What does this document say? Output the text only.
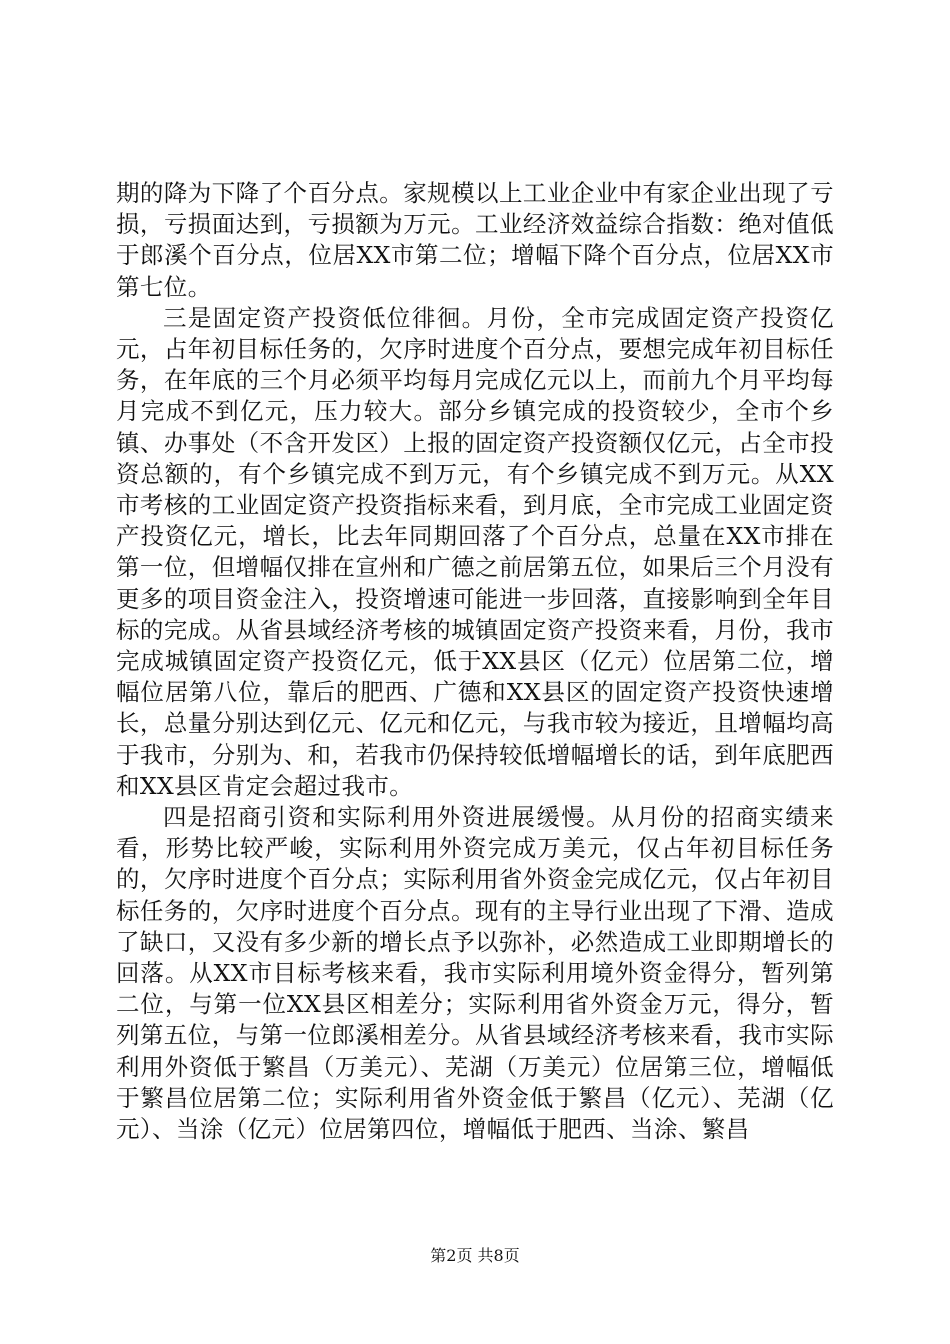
期的降为下降了个百分点。家规模以上工业企业中有家企业出现了亏损，亏损面达到，亏损额为万元。工业经济效益综合指数：绝对值低于郎溪个百分点，位居XX市第二位；增幅下降个百分点，位居XX市第七位。

三是固定资产投资低位徘徊。月份，全市完成固定资产投资亿元，占年初目标任务的，欠序时进度个百分点，要想完成年初目标任务，在年底的三个月必须平均每月完成亿元以上，而前九个月平均每月完成不到亿元，压力较大。部分乡镇完成的投资较少，全市个乡镇、办事处（不含开发区）上报的固定资产投资额仅亿元，占全市投资总额的，有个乡镇完成不到万元，有个乡镇完成不到万元。从XX市考核的工业固定资产投资指标来看，到月底，全市完成工业固定资产投资亿元，增长，比去年同期回落了个百分点，总量在XX市排在第一位，但增幅仅排在宣州和广德之前居第五位，如果后三个月没有更多的项目资金注入，投资增速可能进一步回落，直接影响到全年目标的完成。从省县域经济考核的城镇固定资产投资来看，月份，我市完成城镇固定资产投资亿元，低于XX县区（亿元）位居第二位，增幅位居第八位，靠后的肥西、广德和XX县区的固定资产投资快速增长，总量分别达到亿元、亿元和亿元，与我市较为接近，且增幅均高于我市，分别为、和，若我市仍保持较低增幅增长的话，到年底肥西和XX县区肯定会超过我市。

四是招商引资和实际利用外资进展缓慢。从月份的招商实绩来看，形势比较严峻，实际利用外资完成万美元，仅占年初目标任务的，欠序时进度个百分点；实际利用省外资金完成亿元，仅占年初目标任务的，欠序时进度个百分点。现有的主导行业出现了下滑、造成了缺口，又没有多少新的增长点予以弥补，必然造成工业即期增长的回落。从XX市目标考核来看，我市实际利用境外资金得分，暂列第二位，与第一位XX县区相差分；实际利用省外资金万元，得分，暂列第五位，与第一位郎溪相差分。从省县域经济考核来看，我市实际利用外资低于繁昌（万美元）、芜湖（万美元）位居第三位，增幅低于繁昌位居第二位；实际利用省外资金低于繁昌（亿元）、芜湖（亿元）、当涂（亿元）位居第四位，增幅低于肥西、当涂、繁昌

第2页 共8页
